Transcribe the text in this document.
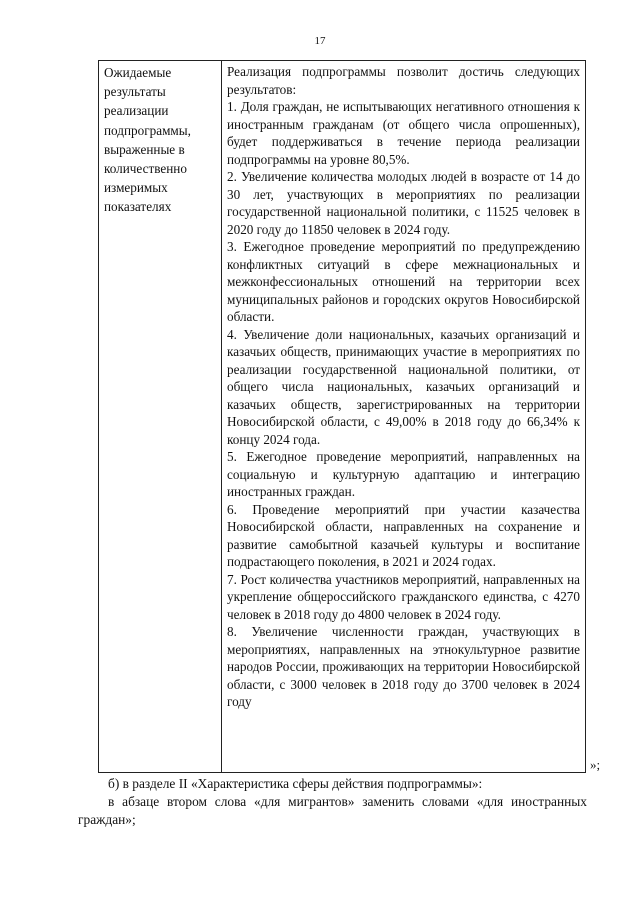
17
Ожидаемые результаты реализации подпрограммы, выраженные в количественно измеримых показателях	

Реализация подпрограммы позволит достичь следующих результатов:

1. Доля граждан, не испытывающих негативного отношения к иностранным гражданам (от общего числа опрошенных), будет поддерживаться в течение периода реализации подпрограммы на уровне 80,5%.

2. Увеличение количества молодых людей в возрасте от 14 до 30 лет, участвующих в мероприятиях по реализации государственной национальной политики, с 11525 человек в 2020 году до 11850 человек в 2024 году.

3. Ежегодное проведение мероприятий по предупреждению конфликтных ситуаций в сфере межнациональных и межконфессиональных отношений на территории всех муниципальных районов и городских округов Новосибирской области.

4. Увеличение доли национальных, казачьих организаций и казачьих обществ, принимающих участие в мероприятиях по реализации государственной национальной политики, от общего числа национальных, казачьих организаций и казачьих обществ, зарегистрированных на территории Новосибирской области, с 49,00% в 2018 году до 66,34% к концу 2024 года.

5. Ежегодное проведение мероприятий, направленных на социальную и культурную адаптацию и интеграцию иностранных граждан.

6. Проведение мероприятий при участии казачества Новосибирской области, направленных на сохранение и развитие самобытной казачьей культуры и воспитание подрастающего поколения, в 2021 и 2024 годах.

7. Рост количества участников мероприятий, направленных на укрепление общероссийского гражданского единства, с 4270 человек в 2018 году до 4800 человек в 2024 году.

8. Увеличение численности граждан, участвующих в мероприятиях, направленных на этнокультурное развитие народов России, проживающих на территории Новосибирской области, с 3000 человек в 2018 году до 3700 человек в 2024 году

»;

б) в разделе II «Характеристика сферы действия подпрограммы»:

в абзаце втором слова «для мигрантов» заменить словами «для иностранных граждан»;
